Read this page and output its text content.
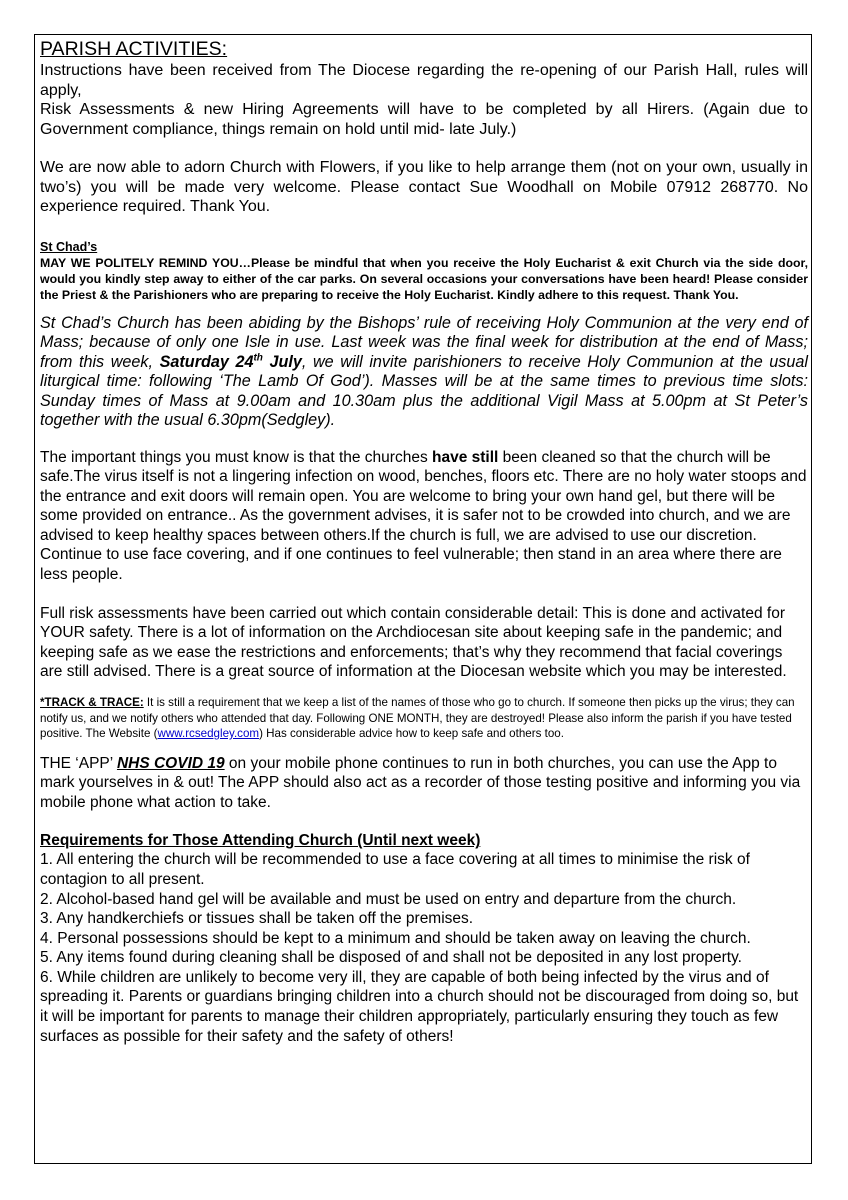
PARISH ACTIVITIES:

Instructions have been received from The Diocese regarding the re-opening of our Parish Hall, rules will apply,

Risk Assessments & new Hiring Agreements will have to be completed by all Hirers. (Again due to Government compliance, things remain on hold until mid- late July.)

We are now able to adorn Church with Flowers, if you like to help arrange them (not on your own, usually in two’s) you will be made very welcome. Please contact Sue Woodhall on Mobile 07912 268770. No experience required. Thank You.

St Chad’s

MAY WE POLITELY REMIND YOU…Please be mindful that when you receive the Holy Eucharist & exit Church via the side door, would you kindly step away to either of the car parks. On several occasions your conversations have been heard! Please consider the Priest & the Parishioners who are preparing to receive the Holy Eucharist. Kindly adhere to this request. Thank You.

St Chad’s Church has been abiding by the Bishops’ rule of receiving Holy Communion at the very end of Mass; because of only one Isle in use. Last week was the final week for distribution at the end of Mass; from this week, Saturday 24th July, we will invite parishioners to receive Holy Communion at the usual liturgical time: following ‘The Lamb Of God’). Masses will be at the same times to previous time slots: Sunday times of Mass at 9.00am and 10.30am plus the additional Vigil Mass at 5.00pm at St Peter’s together with the usual 6.30pm(Sedgley).

The important things you must know is that the churches have still been cleaned so that the church will be safe.The virus itself is not a lingering infection on wood, benches, floors etc. There are no holy water stoops and the entrance and exit doors will remain open. You are welcome to bring your own hand gel, but there will be some provided on entrance.. As the government advises, it is safer not to be crowded into church, and we are advised to keep healthy spaces between others.If the church is full, we are advised to use our discretion. Continue to use face covering, and if one continues to feel vulnerable; then stand in an area where there are less people.

Full risk assessments have been carried out which contain considerable detail: This is done and activated for YOUR safety. There is a lot of information on the Archdiocesan site about keeping safe in the pandemic; and keeping safe as we ease the restrictions and enforcements; that’s why they recommend that facial coverings are still advised. There is a great source of information at the Diocesan website which you may be interested.

*TRACK & TRACE: It is still a requirement that we keep a list of the names of those who go to church. If someone then picks up the virus; they can notify us, and we notify others who attended that day. Following ONE MONTH, they are destroyed! Please also inform the parish if you have tested positive. The Website (www.rcsedgley.com) Has considerable advice how to keep safe and others too.

THE ‘APP’ NHS COVID 19 on your mobile phone continues to run in both churches, you can use the App to mark yourselves in & out! The APP should also act as a recorder of those testing positive and informing you via mobile phone what action to take.

Requirements for Those Attending Church (Until next week)

1. All entering the church will be recommended to use a face covering at all times to minimise the risk of contagion to all present.

2. Alcohol-based hand gel will be available and must be used on entry and departure from the church.

3. Any handkerchiefs or tissues shall be taken off the premises.

4. Personal possessions should be kept to a minimum and should be taken away on leaving the church.

5. Any items found during cleaning shall be disposed of and shall not be deposited in any lost property.

6. While children are unlikely to become very ill, they are capable of both being infected by the virus and of spreading it. Parents or guardians bringing children into a church should not be discouraged from doing so, but it will be important for parents to manage their children appropriately, particularly ensuring they touch as few surfaces as possible for their safety and the safety of others!
